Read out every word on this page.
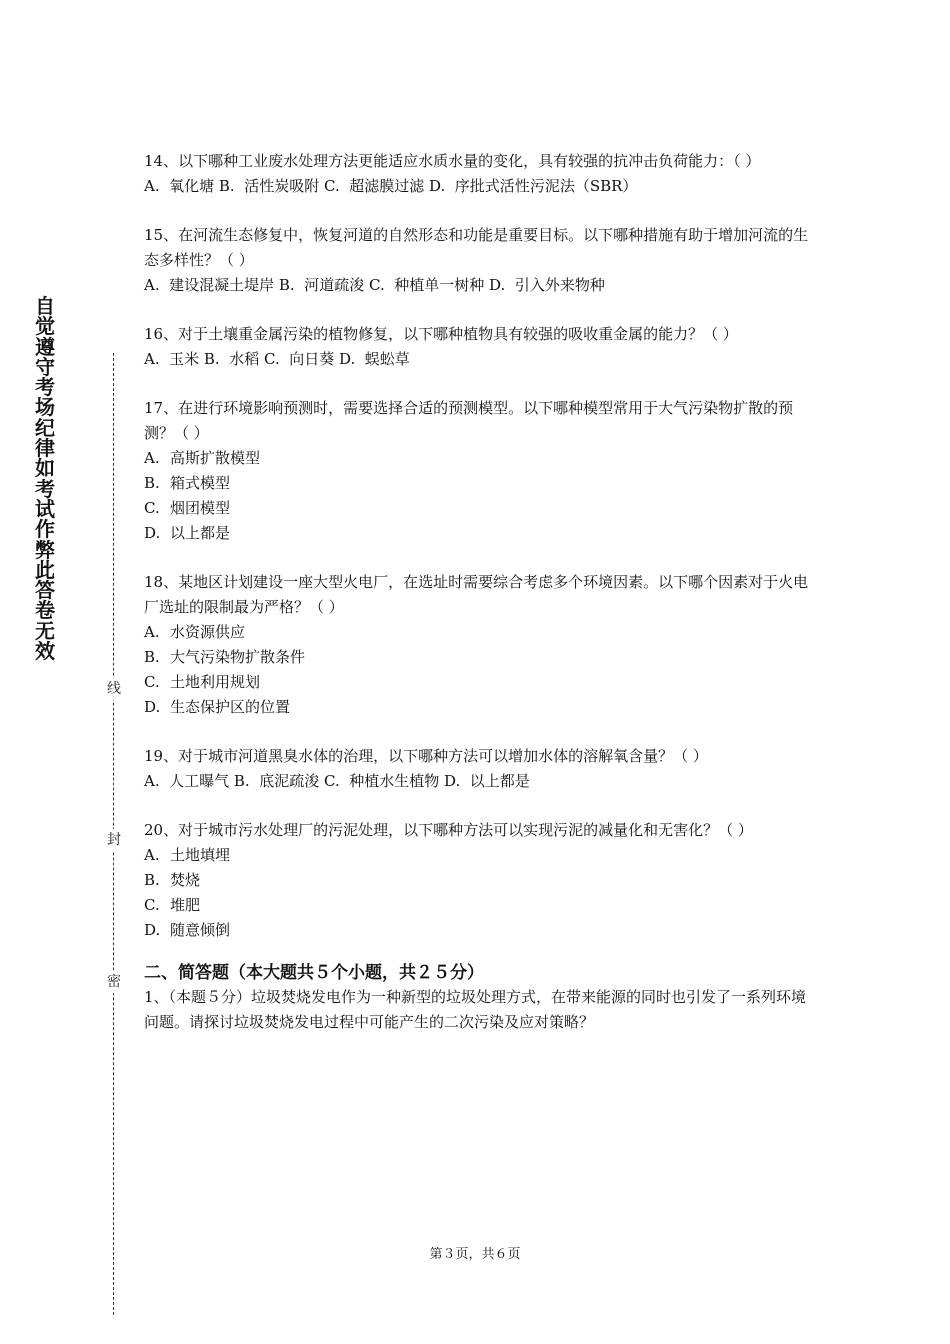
自觉遵守考场纪律如考试作弊此答卷无效
线
封
密

14、以下哪种工业废水处理方法更能适应水质水量的变化，具有较强的抗冲击负荷能力：（ ）

A.  氧化塘 B.  活性炭吸附 C.  超滤膜过滤 D.  序批式活性污泥法（SBR）

15、在河流生态修复中，恢复河道的自然形态和功能是重要目标。以下哪种措施有助于增加河流的生态多样性？（ ）

A.  建设混凝土堤岸 B.  河道疏浚 C.  种植单一树种 D.  引入外来物种

16、对于土壤重金属污染的植物修复，以下哪种植物具有较强的吸收重金属的能力？（ ）

A.  玉米 B.  水稻 C.  向日葵 D.  蜈蚣草

17、在进行环境影响预测时，需要选择合适的预测模型。以下哪种模型常用于大气污染物扩散的预测？（ ）

A. 高斯扩散模型

B. 箱式模型

C. 烟团模型

D. 以上都是

18、某地区计划建设一座大型火电厂，在选址时需要综合考虑多个环境因素。以下哪个因素对于火电厂选址的限制最为严格？（ ）

A. 水资源供应

B. 大气污染物扩散条件

C. 土地利用规划

D. 生态保护区的位置

19、对于城市河道黑臭水体的治理，以下哪种方法可以增加水体的溶解氧含量？（ ）

A.  人工曝气 B.  底泥疏浚 C.  种植水生植物 D.  以上都是

20、对于城市污水处理厂的污泥处理，以下哪种方法可以实现污泥的减量化和无害化？（ ）

A. 土地填埋

B. 焚烧

C. 堆肥

D. 随意倾倒

二、简答题（本大题共５个小题，共２５分）

1、（本题５分）垃圾焚烧发电作为一种新型的垃圾处理方式，在带来能源的同时也引发了一系列环境问题。请探讨垃圾焚烧发电过程中可能产生的二次污染及应对策略？

第３页，共６页
